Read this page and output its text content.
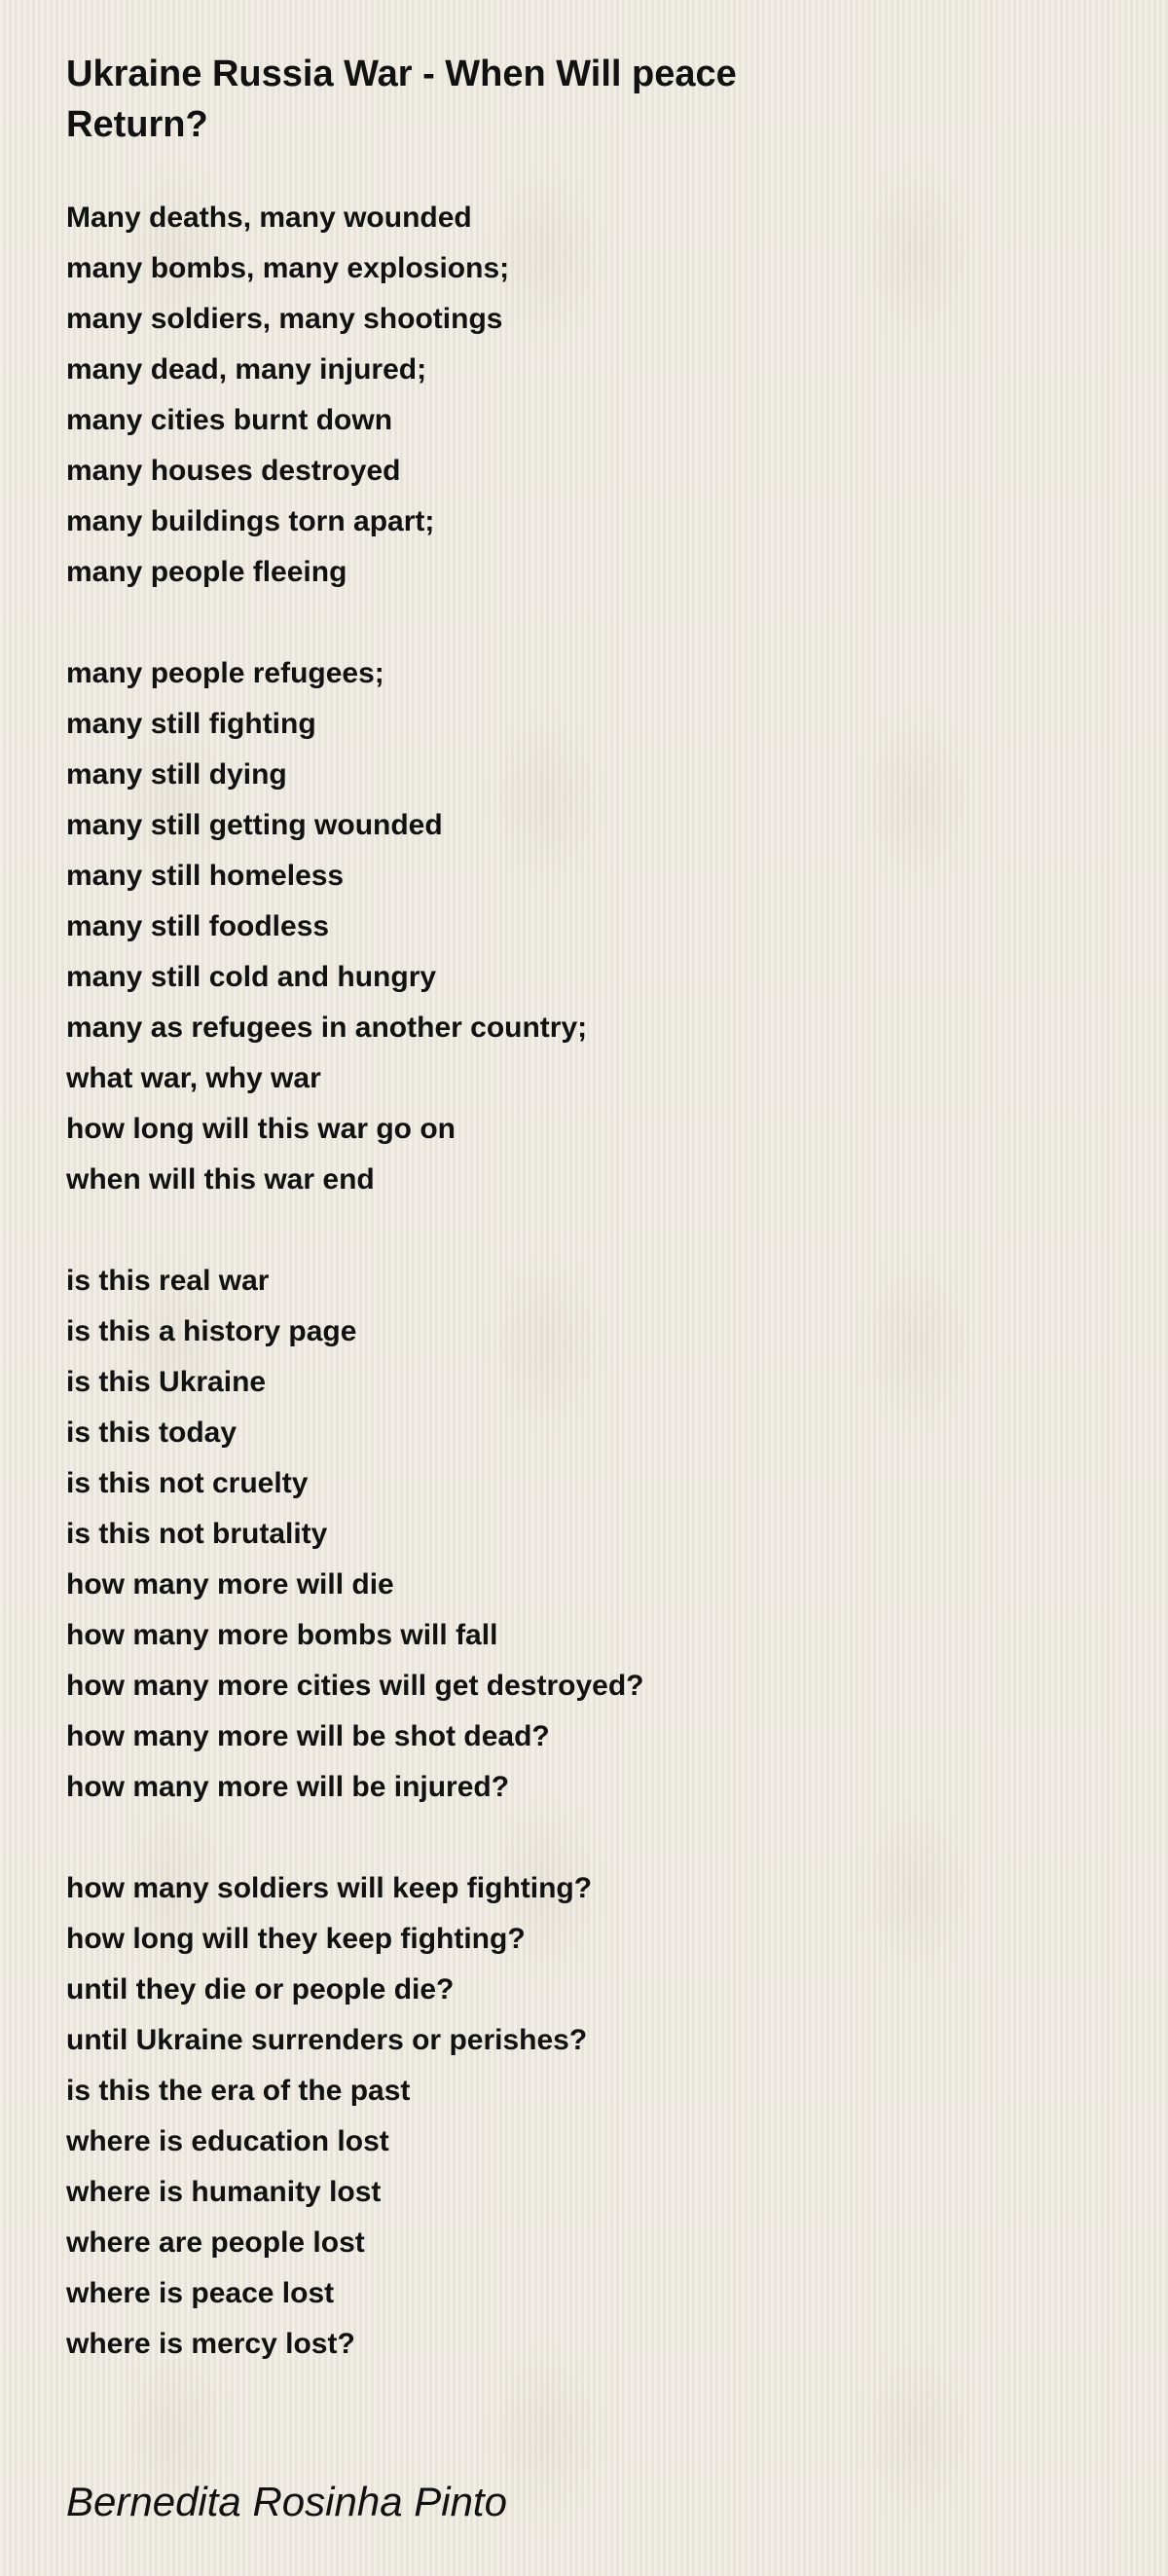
Ukraine Russia War - When Will peace Return?
Many deaths, many wounded
many bombs, many explosions;
many soldiers, many shootings
many dead, many injured;
many cities burnt down
many houses destroyed
many buildings torn apart;
many people fleeing
many people refugees;
many still fighting
many still dying
many still getting wounded
many still homeless
many still foodless
many still cold and hungry
many as refugees in another country;
what war, why war
how long will this war go on
when will this war end
is this real war
is this a history page
is this Ukraine
is this today
is this not cruelty
is this not brutality
how many more will die
how many more bombs will fall
how many more cities will get destroyed?
how many more will be shot dead?
how many more will be injured?
how many soldiers will keep fighting?
how long will they keep fighting?
until they die or people die?
until Ukraine surrenders or perishes?
is this the era of the past
where is education lost
where is humanity lost
where are people lost
where is peace lost
where is mercy lost?
Bernedita Rosinha Pinto
